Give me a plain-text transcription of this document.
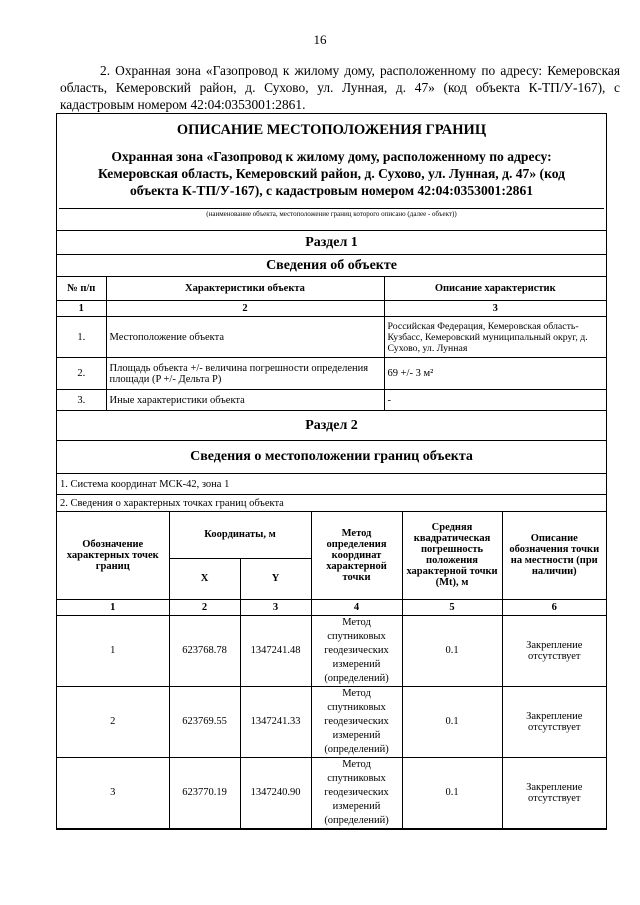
16
2. Охранная зона «Газопровод к жилому дому, расположенному по адресу: Кемеровская область, Кемеровский район, д. Сухово, ул. Лунная, д. 47» (код объекта К-ТП/У-167), с кадастровым номером 42:04:0353001:2861.
ОПИСАНИЕ МЕСТОПОЛОЖЕНИЯ ГРАНИЦ
Охранная зона «Газопровод к жилому дому, расположенному по адресу: Кемеровская область, Кемеровский район, д. Сухово, ул. Лунная, д. 47» (код объекта К-ТП/У-167), с кадастровым номером 42:04:0353001:2861
(наименование объекта, местоположение границ которого описано (далее - объект))
Раздел 1		
Сведения об объекте		
№ п/п	Характеристики объекта	Описание характеристик
1	2	3
1.	Местоположение объекта	Российская Федерация, Кемеровская область-Кузбасс, Кемеровский муниципальный округ, д. Сухово, ул. Лунная
2.	Площадь объекта +/- величина погрешности определения площади (P +/- Дельта P)	69 +/- 3 м²
3.	Иные характеристики объекта	-
Раздел 2		
Сведения о местоположении границ объекта		
1. Система координат МСК-42, зона 1		
2. Сведения о характерных точках границ объекта		
Обозначение характерных точек границ	Координаты, м		Метод определения координат характерной точки	Средняя квадратическая погрешность положения характерной точки (Mt), м	Описание обозначения точки на местности (при наличии)
	X	Y			
1	2	3	4	5	6
1	623768.78	1347241.48	Метод спутниковых геодезических измерений (определений)	0.1	Закрепление отсутствует
2	623769.55	1347241.33	Метод спутниковых геодезических измерений (определений)	0.1	Закрепление отсутствует
3	623770.19	1347240.90	Метод спутниковых геодезических измерений (определений)	0.1	Закрепление отсутствует
